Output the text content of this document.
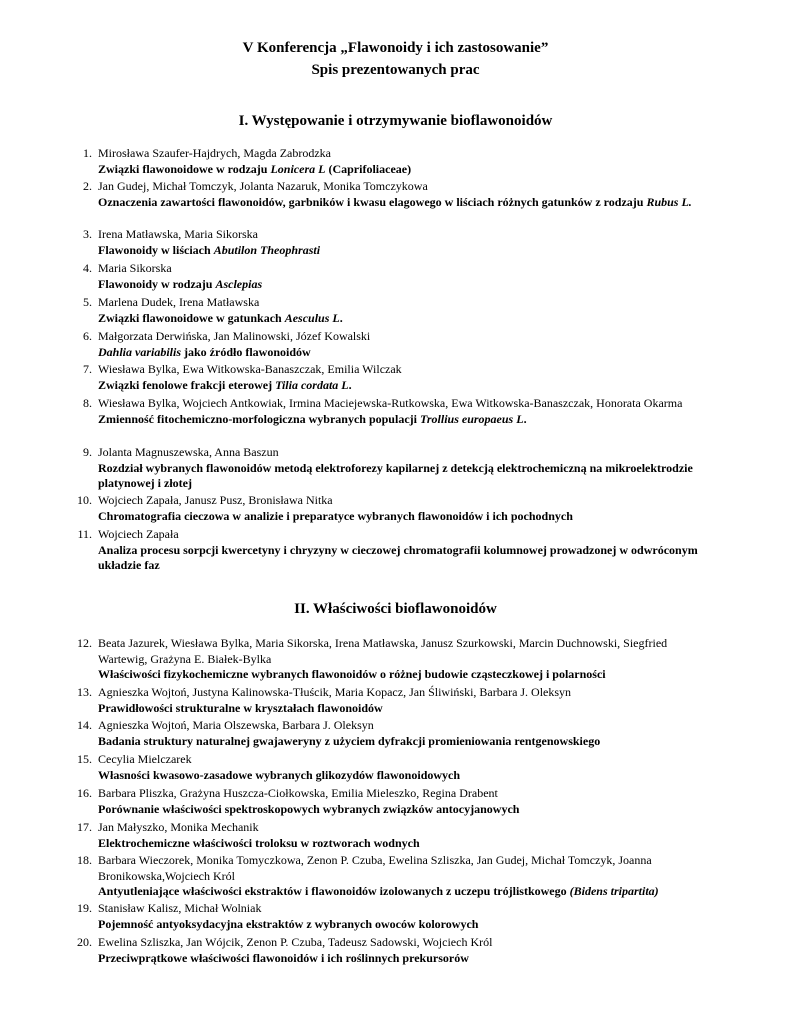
V Konferencja „Flawonoidy i ich zastosowanie”
Spis prezentowanych prac
I. Występowanie i otrzymywanie bioflawonoidów
1. Mirosława Szaufer-Hajdrych, Magda Zabrodzka
Związki flawonoidowe w rodzaju Lonicera L (Caprifoliaceae)
2. Jan Gudej, Michał Tomczyk, Jolanta Nazaruk, Monika Tomczykowa
Oznaczenia zawartości flawonoidów, garbników i kwasu elagowego w liściach różnych gatunków z rodzaju Rubus L.
3. Irena Matławska, Maria Sikorska
Flawonoidy w liściach Abutilon Theophrasti
4. Maria Sikorska
Flawonoidy w rodzaju Asclepias
5. Marlena Dudek, Irena Matławska
Związki flawonoidowe w gatunkach Aesculus L.
6. Małgorzata Derwińska, Jan Malinowski, Józef Kowalski
Dahlia variabilis jako źródło flawonoidów
7. Wiesława Bylka, Ewa Witkowska-Banaszczak, Emilia Wilczak
Związki fenolowe frakcji eterowej Tilia cordata L.
8. Wiesława Bylka, Wojciech Antkowiak, Irmina Maciejewska-Rutkowska, Ewa Witkowska-Banaszczak, Honorata Okarma
Zmienność fitochemiczno-morfologiczna wybranych populacji Trollius europaeus L.
9. Jolanta Magnuszewska, Anna Baszun
Rozdział wybranych flawonoidów metodą elektroforezy kapilarnej z detekcją elektrochemiczną na mikroelektrodzie platynowej i złotej
10. Wojciech Zapała, Janusz Pusz, Bronisława Nitka
Chromatografia cieczowa w analizie i preparatyce wybranych flawonoidów i ich pochodnych
11. Wojciech Zapała
Analiza procesu sorpcji kwercetyny i chryzyny w cieczowej chromatografii kolumnowej prowadzonej w odwróconym układzie faz
II. Właściwości bioflawonoidów
12. Beata Jazurek, Wiesława Bylka, Maria Sikorska, Irena Matławska, Janusz Szurkowski, Marcin Duchnowski, Siegfried Wartewig, Grażyna E. Białek-Bylka
Właściwości fizykochemiczne wybranych flawonoidów o różnej budowie cząsteczkowej i polarności
13. Agnieszka Wojtoń, Justyna Kalinowska-Tłuścik, Maria Kopacz, Jan Śliwiński, Barbara J. Oleksyn
Prawidłowości strukturalne w kryształach flawonoidów
14. Agnieszka Wojtoń, Maria Olszewska, Barbara J. Oleksyn
Badania struktury naturalnej gwajaweryny z użyciem dyfrakcji promieniowania rentgenowskiego
15. Cecylia Mielczarek
Własności kwasowo-zasadowe wybranych glikozydów flawonoidowych
16. Barbara Pliszka, Grażyna Huszcza-Ciołkowska, Emilia Mieleszko, Regina Drabent
Porównanie właściwości spektroskopowych wybranych związków antocyjanowych
17. Jan Małyszko, Monika Mechanik
Elektrochemiczne właściwości troloksu w roztworach wodnych
18. Barbara Wieczorek, Monika Tomyczkowa, Zenon P. Czuba, Ewelina Szliszka, Jan Gudej, Michał Tomczyk, Joanna Bronikowska,Wojciech Król
Antyutleniające właściwości ekstraktów i flawonoidów izolowanych z uczepu trójlistkowego (Bidens tripartita)
19. Stanisław Kalisz, Michał Wolniak
Pojemność antyoksydacyjna ekstraktów z wybranych owoców kolorowych
20. Ewelina Szliszka, Jan Wójcik, Zenon P. Czuba, Tadeusz Sadowski, Wojciech Król
Przeciwprątkowe właściwości flawonoidów i ich roślinnych prekursorów
